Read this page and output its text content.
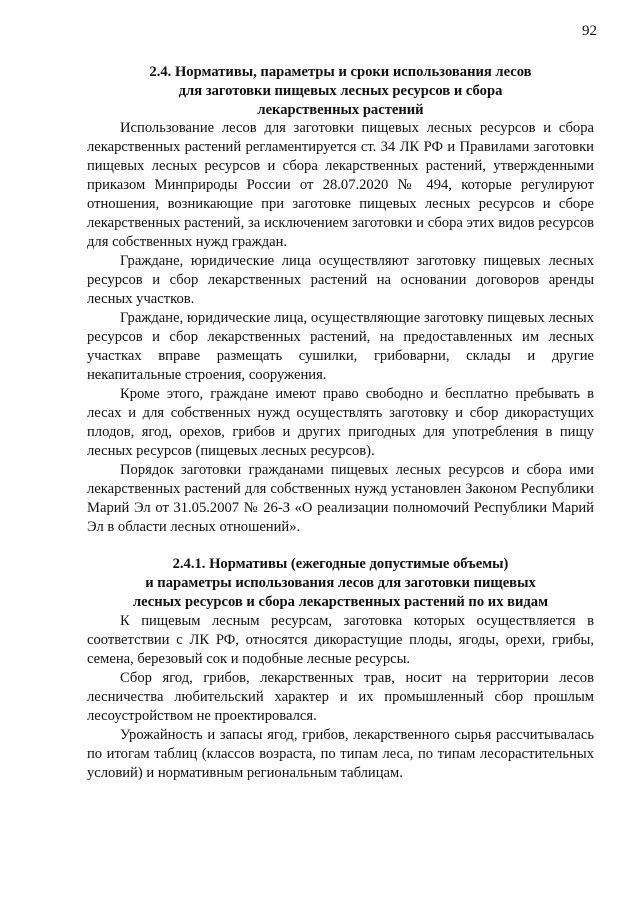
92
2.4. Нормативы, параметры и сроки использования лесов
для заготовки пищевых лесных ресурсов и сбора
лекарственных растений

Использование лесов для заготовки пищевых лесных ресурсов и сбора лекарственных растений регламентируется ст. 34 ЛК РФ и Правилами заготовки пищевых лесных ресурсов и сбора лекарственных растений, утвержденными приказом Минприроды России от 28.07.2020 № 494, которые регулируют отношения, возникающие при заготовке пищевых лесных ресурсов и сборе лекарственных растений, за исключением заготовки и сбора этих видов ресурсов для собственных нужд граждан.

Граждане, юридические лица осуществляют заготовку пищевых лесных ресурсов и сбор лекарственных растений на основании договоров аренды лесных участков.

Граждане, юридические лица, осуществляющие заготовку пищевых лесных ресурсов и сбор лекарственных растений, на предоставленных им лесных участках вправе размещать сушилки, грибоварни, склады и другие некапитальные строения, сооружения.

Кроме этого, граждане имеют право свободно и бесплатно пребывать в лесах и для собственных нужд осуществлять заготовку и сбор дикорастущих плодов, ягод, орехов, грибов и других пригодных для употребления в пищу лесных ресурсов (пищевых лесных ресурсов).

Порядок заготовки гражданами пищевых лесных ресурсов и сбора ими лекарственных растений для собственных нужд установлен Законом Республики Марий Эл от 31.05.2007 № 26-З «О реализации полномочий Республики Марий Эл в области лесных отношений».

2.4.1. Нормативы (ежегодные допустимые объемы)
и параметры использования лесов для заготовки пищевых
лесных ресурсов и сбора лекарственных растений по их видам

К пищевым лесным ресурсам, заготовка которых осуществляется в соответствии с ЛК РФ, относятся дикорастущие плоды, ягоды, орехи, грибы, семена, березовый сок и подобные лесные ресурсы.

Сбор ягод, грибов, лекарственных трав, носит на территории лесов лесничества любительский характер и их промышленный сбор прошлым лесоустройством не проектировался.

Урожайность и запасы ягод, грибов, лекарственного сырья рассчитывалась по итогам таблиц (классов возраста, по типам леса, по типам лесорастительных условий) и нормативным региональным таблицам.
